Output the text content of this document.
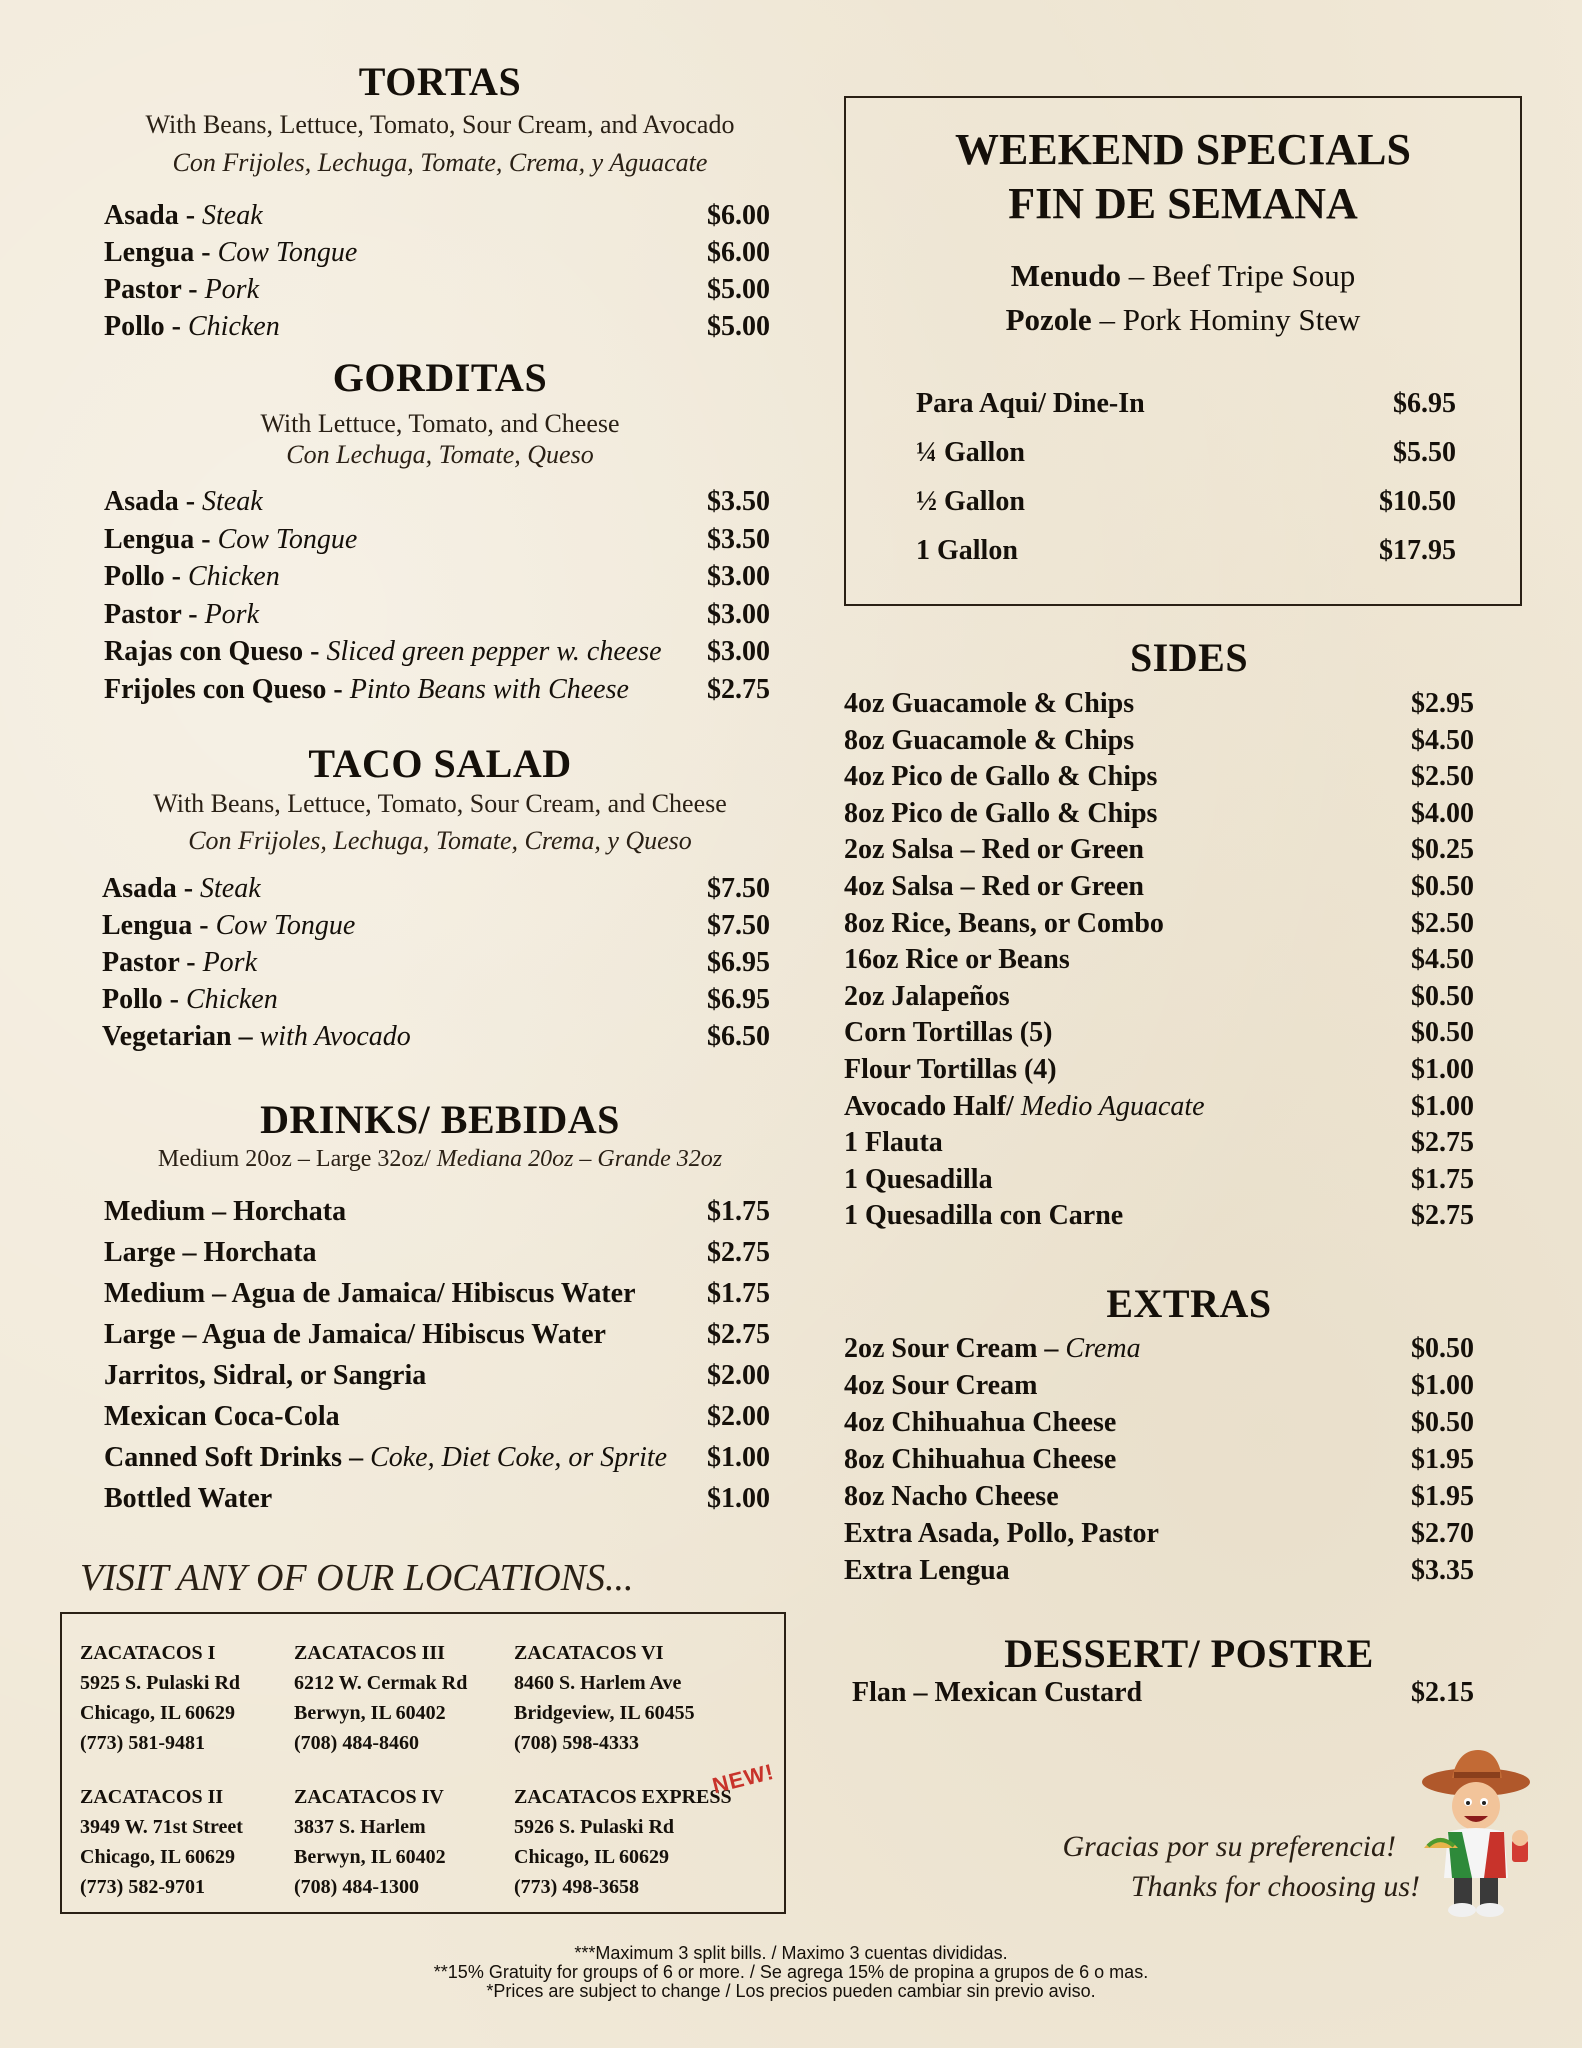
TORTAS
With Beans, Lettuce, Tomato, Sour Cream, and Avocado
Con Frijoles, Lechuga, Tomate, Crema, y Aguacate
Asada - Steak	$6.00
Lengua - Cow Tongue	$6.00
Pastor - Pork	$5.00
Pollo - Chicken	$5.00
GORDITAS
With Lettuce, Tomato, and Cheese
Con Lechuga, Tomate, Queso
Asada - Steak	$3.50
Lengua - Cow Tongue	$3.50
Pollo - Chicken	$3.00
Pastor - Pork	$3.00
Rajas con Queso - Sliced green pepper w. cheese $3.00
Frijoles con Queso - Pinto Beans with Cheese	$2.75
TACO SALAD
With Beans, Lettuce, Tomato, Sour Cream, and Cheese
Con Frijoles, Lechuga, Tomate, Crema, y Queso
Asada - Steak	$7.50
Lengua - Cow Tongue	$7.50
Pastor - Pork	$6.95
Pollo - Chicken	$6.95
Vegetarian – with Avocado	$6.50
DRINKS/ BEBIDAS
Medium 20oz – Large 32oz/ Mediana 20oz – Grande 32oz
Medium – Horchata	$1.75
Large – Horchata	$2.75
Medium – Agua de Jamaica/ Hibiscus Water	$1.75
Large – Agua de Jamaica/ Hibiscus Water	$2.75
Jarritos, Sidral, or Sangria	$2.00
Mexican Coca-Cola	$2.00
Canned Soft Drinks – Coke, Diet Coke, or Sprite $1.00
Bottled Water	$1.00
VISIT ANY OF OUR LOCATIONS...
ZACATACOS I
5925 S. Pulaski Rd
Chicago, IL 60629
(773) 581-9481
ZACATACOS III
6212 W. Cermak Rd
Berwyn, IL 60402
(708) 484-8460
ZACATACOS VI
8460 S. Harlem Ave
Bridgeview, IL 60455
(708) 598-4333
ZACATACOS II
3949 W. 71st Street
Chicago, IL 60629
(773) 582-9701
ZACATACOS IV
3837 S. Harlem
Berwyn, IL 60402
(708) 484-1300
ZACATACOS EXPRESS
5926 S. Pulaski Rd
Chicago, IL 60629
(773) 498-3658
NEW!
WEEKEND SPECIALS
FIN DE SEMANA
Menudo – Beef Tripe Soup
Pozole – Pork Hominy Stew
Para Aqui/ Dine-In	$6.95
¼ Gallon	$5.50
½ Gallon	$10.50
1 Gallon	$17.95
SIDES
4oz Guacamole & Chips	$2.95
8oz Guacamole & Chips	$4.50
4oz Pico de Gallo & Chips	$2.50
8oz Pico de Gallo & Chips	$4.00
2oz Salsa – Red or Green	$0.25
4oz Salsa – Red or Green	$0.50
8oz Rice, Beans, or Combo	$2.50
16oz Rice or Beans	$4.50
2oz Jalapeños	$0.50
Corn Tortillas (5)	$0.50
Flour Tortillas (4)	$1.00
Avocado Half/ Medio Aguacate	$1.00
1 Flauta	$2.75
1 Quesadilla	$1.75
1 Quesadilla con Carne	$2.75
EXTRAS
2oz Sour Cream – Crema	$0.50
4oz Sour Cream	$1.00
4oz Chihuahua Cheese	$0.50
8oz Chihuahua Cheese	$1.95
8oz Nacho Cheese	$1.95
Extra Asada, Pollo, Pastor	$2.70
Extra Lengua	$3.35
DESSERT/ POSTRE
Flan – Mexican Custard	$2.15
Gracias por su preferencia!
Thanks for choosing us!
***Maximum 3 split bills. / Maximo 3 cuentas divididas.
**15% Gratuity for groups of 6 or more. / Se agrega 15% de propina a grupos de 6 o mas.
*Prices are subject to change / Los precios pueden cambiar sin previo aviso.
